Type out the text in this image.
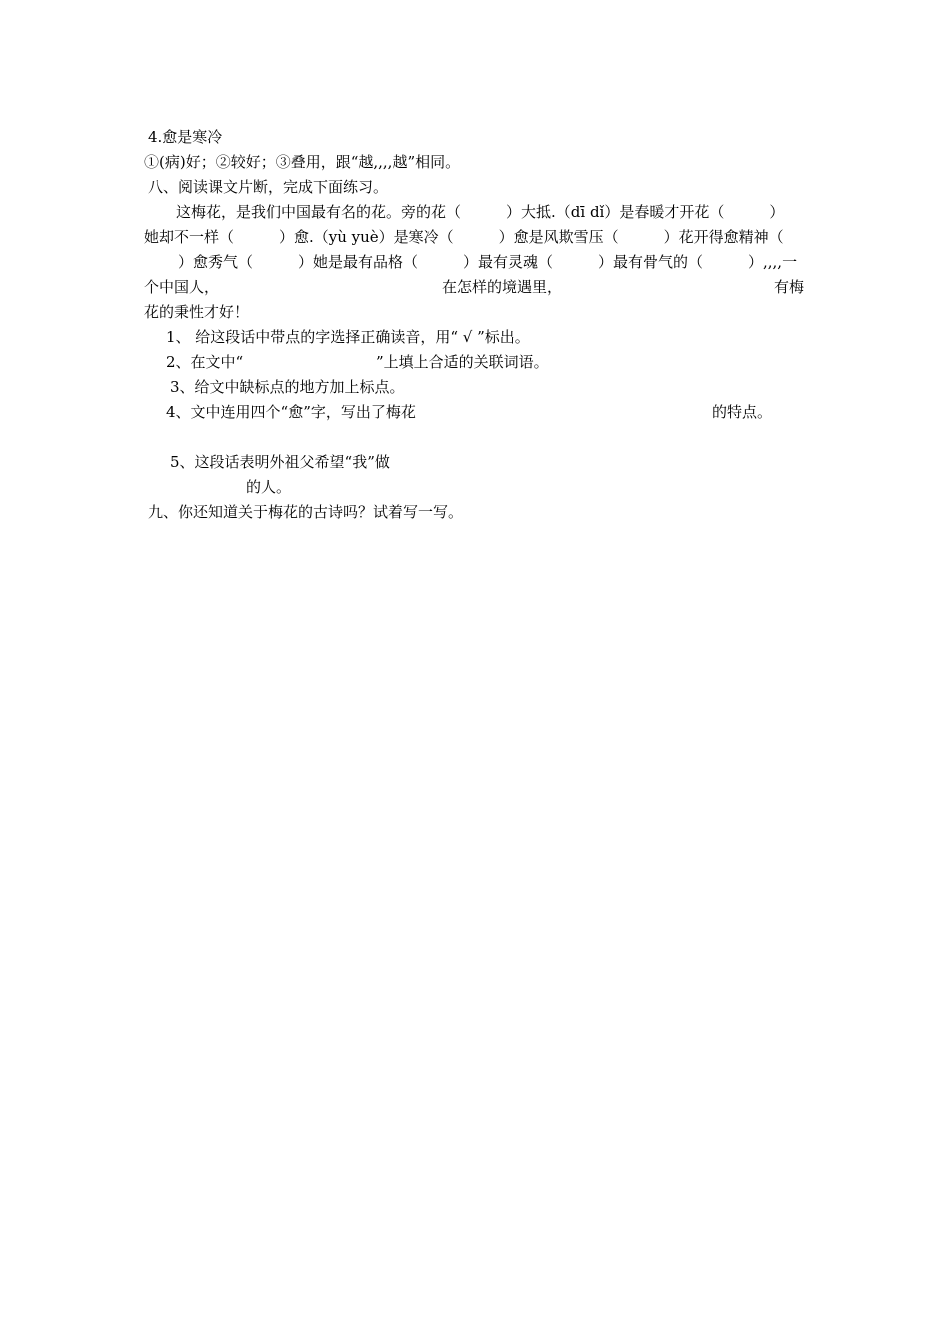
4.愈是寒冷
①(病)好；②较好；③叠用，跟“越,,,,越”相同。
八、阅读课文片断，完成下面练习。
这梅花，是我们中国最有名的花。旁的花（　　　）大抵.（dī dǐ）是春暖才开花（　　　）
她却不一样（　　　）愈.（yù yuè）是寒冷（　　　）愈是风欺雪压（　　　）花开得愈精神（
　　）愈秀气（　　　）她是最有品格（　　　）最有灵魂（　　　）最有骨气的（　　　）,,,,一
个中国人，	在怎样的境遇里，	有梅
花的秉性才好！
1、 给这段话中带点的字选择正确读音，用“ √ ”标出。
2、在文中“	”上填上合适的关联词语。
3、给文中缺标点的地方加上标点。
4、文中连用四个“愈”字，写出了梅花	的特点。
5、这段话表明外祖父希望“我”做
的人。
九、你还知道关于梅花的古诗吗？试着写一写。
